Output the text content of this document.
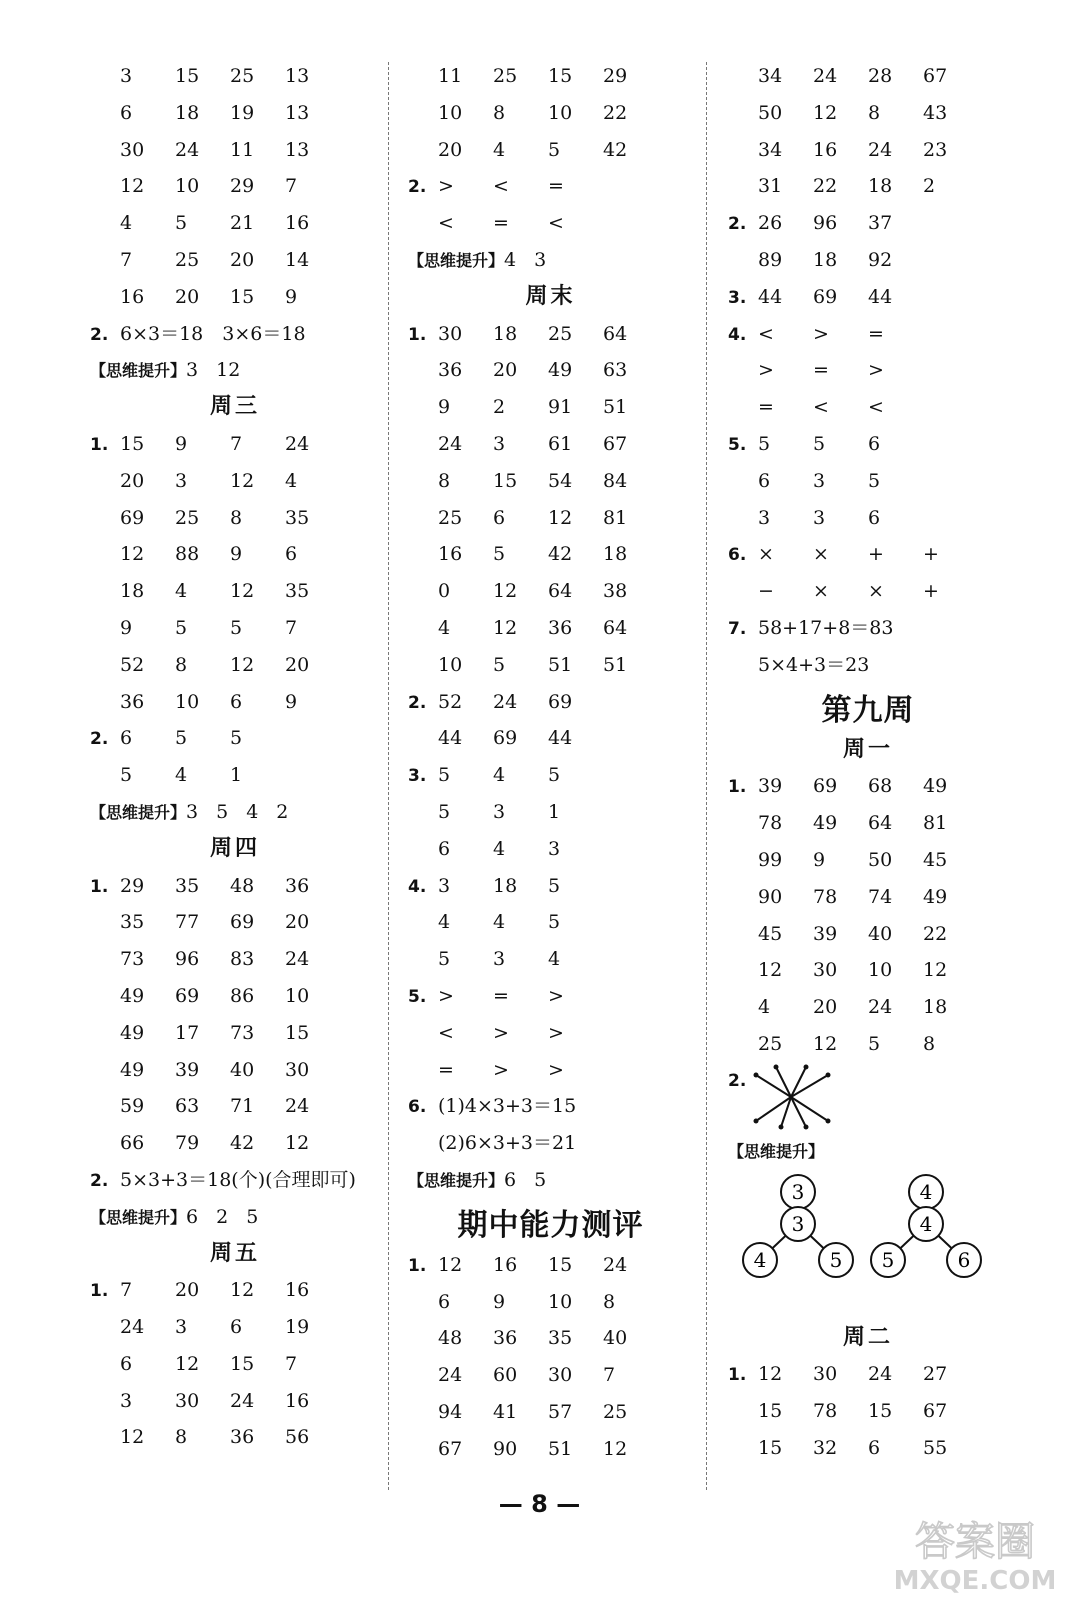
3 15 25 13
6 18 19 13
30 24 11 13
12 10 29 7
4 5 21 16
7 25 20 14
16 20 15 9
2. 6×3＝18　3×6＝18
【思维提升】3 12
周三
1. 15 9 7 24
20 3 12 4
69 25 8 35
12 88 9 6
18 4 12 35
9 5 5 7
52 8 12 20
36 10 6 9
2. 6 5 5
5 4 1
【思维提升】3 5 4 2
周四
1. 29 35 48 36
35 77 69 20
73 96 83 24
49 69 86 10
49 17 73 15
49 39 40 30
59 63 71 24
66 79 42 12
2. 5×3+3＝18(个)(合理即可)
【思维提升】6 2 5
周五
1. 7 20 12 16
24 3 6 19
6 12 15 7
3 30 24 16
12 8 36 56
11 25 15 29
10 8 10 22
20 4 5 42
2. > < =
< = <
【思维提升】4 3
周末
1. 30 18 25 64
36 20 49 63
9 2 91 51
24 3 61 67
8 15 54 84
25 6 12 81
16 5 42 18
0 12 64 38
4 12 36 64
10 5 51 51
2. 52 24 69
44 69 44
3. 5 4 5
5 3 1
6 4 3
4. 3 18 5
4 4 5
5 3 4
5. > = >
< > >
= > >
6. (1)4×3+3＝15
(2)6×3+3＝21
【思维提升】6 5
期中能力测评
1. 12 16 15 24
6 9 10 8
48 36 35 40
24 60 30 7
94 41 57 25
67 90 51 12
34 24 28 67
50 12 8 43
34 16 24 23
31 22 18 2
2. 26 96 37
89 18 92
3. 44 69 44
4. < > =
> = >
= < <
5. 5 5 6
6 3 5
3 3 6
6. × × + +
− × × +
7. 58+17+8＝83
5×4+3＝23
第九周
周一
1. 39 69 68 49
78 49 64 81
99 9 50 45
90 78 74 49
45 39 40 22
12 30 10 12
4 20 24 18
25 12 5 8
2.
【思维提升】
3
3
4	5
4
4
5	6
周二
1. 12 30 24 27
15 78 15 67
15 32 6 55
— 8 —
答案圈
MXQE.COM
